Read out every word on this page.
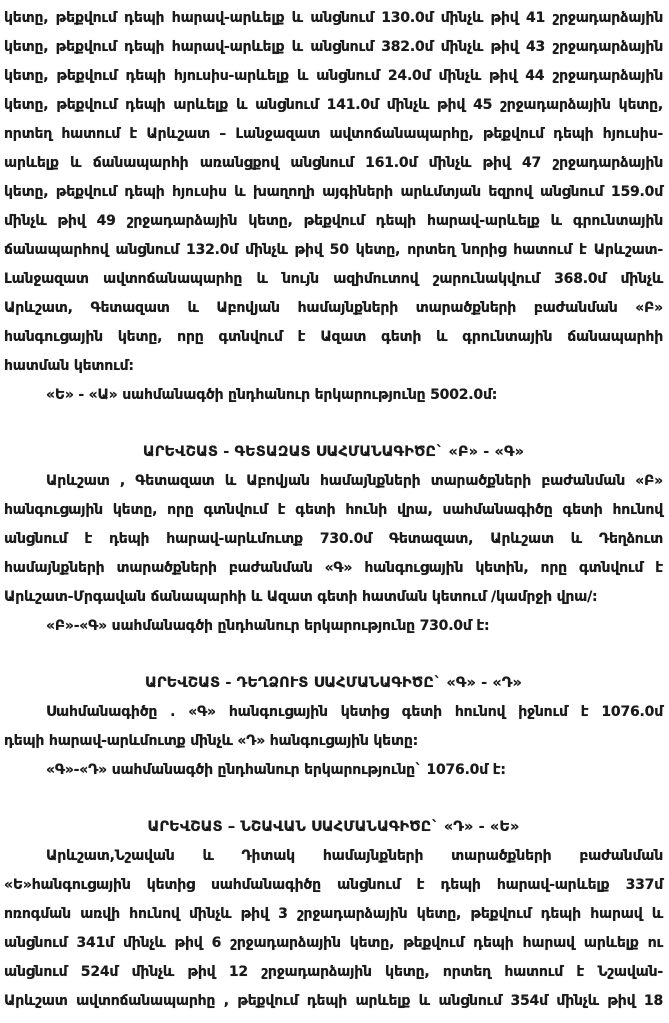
կետը, թեքվում դեպի հարավ-արևելք և անցնում 130.0մ մինչև թիվ 41 շրջադարձային
կետը, թեքվում դեպի հարավ-արևելք և անցնում 382.0մ մինչև թիվ 43 շրջադարձային
կետը, թեքվում դեպի հյուսիս-արևելք և անցնում 24.0մ մինչև թիվ 44 շրջադարձային
կետը, թեքվում դեպի արևելք և անցնում 141.0մ մինչև թիվ 45 շրջադարձային կետը,
որտեղ հատում է Արևշատ – Լանջազատ ավտոճանապարհը, թեքվում դեպի հյուսիս-
արևելք և ճանապարհի առանցքով անցնում 161.0մ մինչև թիվ 47 շրջադարձային
կետը, թեքվում դեպի հյուսիս և խաղողի այգիների արևմտյան եզրով անցնում 159.0մ
մինչև թիվ 49 շրջադարձային կետը, թեքվում դեպի հարավ-արևելք և գրունտային
ճանապարհով անցնում 132.0մ մինչև թիվ 50 կետը, որտեղ նորից հատում է Արևշատ-
Լանջազատ ավտոճանապարհը և նույն ազիմուտով շարունակվում 368.0մ մինչև
Արևշատ, Գետազատ և Աբովյան համայնքների տարածքների բաժանման «Բ»
հանգուցային կետը, որը գտնվում է Ազատ գետի և գրունտային ճանապարհի
հատման կետում:
«Ե» - «Ա» սահմանագծի ընդհանուր երկարությունը 5002.0մ:
ԱՐԵՎՇԱՏ - ԳԵՏԱԶԱՏ ՍԱՀՄԱՆԱԳԻԾԸ` «Բ» - «Գ»
Արևշատ , Գետազատ և Աբովյան համայնքների տարածքների բաժանման «Բ»
հանգուցային կետը, որը գտնվում է գետի հունի վրա, սահմանագիծը գետի հունով
անցնում է դեպի հարավ-արևմուտք 730.0մ Գետազատ, Արևշատ և Դեղձուտ
համայնքների տարածքների բաժանման «Գ» հանգուցային կետին, որը գտնվում է
Արևշատ-Մրգավան ճանապարհի և Ազատ գետի հատման կետում /կամրջի վրա/:
«Բ»-«Գ» սահմանագծի ընդհանուր երկարությունը 730.0մ է:
ԱՐԵՎՇԱՏ - ԴԵՂՁՈՒՏ ՍԱՀՄԱՆԱԳԻԾԸ` «Գ» - «Դ»
Սահմանագիծը . «Գ» հանգուցային կետից գետի հունով իջնում է 1076.0մ
դեպի հարավ-արևմուտք մինչև «Դ» հանգուցային կետը:
«Գ»-«Դ» սահմանագծի ընդհանուր երկարությունը` 1076.0մ է:
ԱՐԵՎՇԱՏ – ՆՇԱՎԱՆ ՍԱՀՄԱՆԱԳԻԾԸ` «Դ» - «Ե»
Արևշատ,Նշավան և Դիտակ համայնքների տարածքների բաժանման
«Ե»հանգուցային կետից սահմանագիծը անցնում է դեպի հարավ-արևելք 337մ
ոռոգման առվի հունով մինչև թիվ 3 շրջադարձային կետը, թեքվում դեպի հարավ և
անցնում 341մ մինչև թիվ 6 շրջադարձային կետը, թեքվում դեպի հարավ արևելք ու
անցնում 524մ մինչև թիվ 12 շրջադարձային կետը, որտեղ հատում է Նշավան-
Արևշատ ավտոճանապարհը , թեքվում դեպի արևելք և անցնում 354մ մինչև թիվ 18
